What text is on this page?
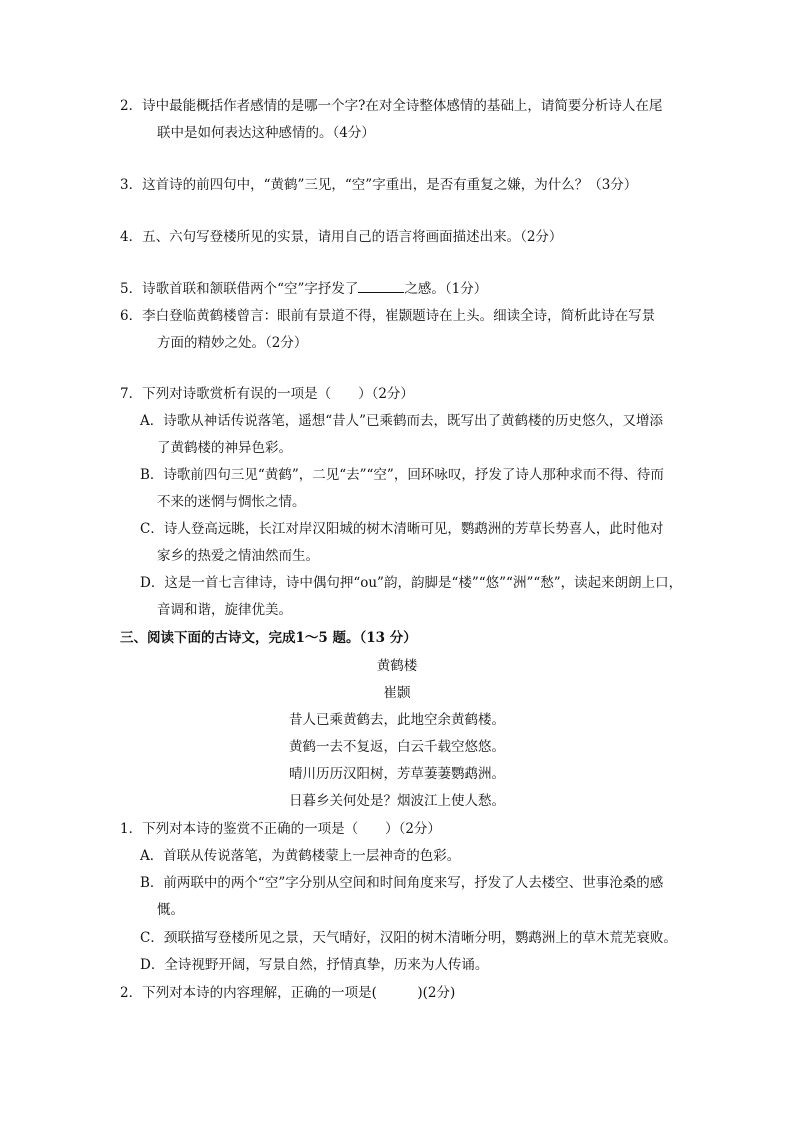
2．诗中最能概括作者感情的是哪一个字?在对全诗整体感情的基础上，请简要分析诗人在尾
联中是如何表达这种感情的。（4分）
3．这首诗的前四句中，“黄鹤”三见，“空”字重出，是否有重复之嫌，为什么？（3分）
4．五、六句写登楼所见的实景，请用自己的语言将画面描述出来。（2分）
5．诗歌首联和颔联借两个“空”字抒发了	之感。（1分）
6．李白登临黄鹤楼曾言：眼前有景道不得，崔颢题诗在上头。细读全诗，简析此诗在写景
方面的精妙之处。（2分）
7．下列对诗歌赏析有误的一项是（　　）（2分）
A．诗歌从神话传说落笔，遥想“昔人”已乘鹤而去，既写出了黄鹤楼的历史悠久，又增添
了黄鹤楼的神异色彩。
B．诗歌前四句三见“黄鹤”，二见“去”“空”，回环咏叹，抒发了诗人那种求而不得、待而
不来的迷惘与惆怅之情。
C．诗人登高远眺，长江对岸汉阳城的树木清晰可见，鹦鹉洲的芳草长势喜人，此时他对
家乡的热爱之情油然而生。
D．这是一首七言律诗，诗中偶句押“ou”韵，韵脚是“楼”“悠”“洲”“愁”，读起来朗朗上口，
音调和谐，旋律优美。
三、阅读下面的古诗文，完成1～5 题。（13 分）
黄鹤楼
崔颢
昔人已乘黄鹤去，此地空余黄鹤楼。
黄鹤一去不复返，白云千载空悠悠。
晴川历历汉阳树，芳草萋萋鹦鹉洲。
日暮乡关何处是？烟波江上使人愁。
1．下列对本诗的鉴赏不正确的一项是（　　）（2分）
A．首联从传说落笔，为黄鹤楼蒙上一层神奇的色彩。
B．前两联中的两个“空”字分别从空间和时间角度来写，抒发了人去楼空、世事沧桑的感
慨。
C．颈联描写登楼所见之景，天气晴好，汉阳的树木清晰分明，鹦鹉洲上的草木荒芜衰败。
D．全诗视野开阔，写景自然，抒情真挚，历来为人传诵。
2．下列对本诗的内容理解，正确的一项是(　　　)(2分)
